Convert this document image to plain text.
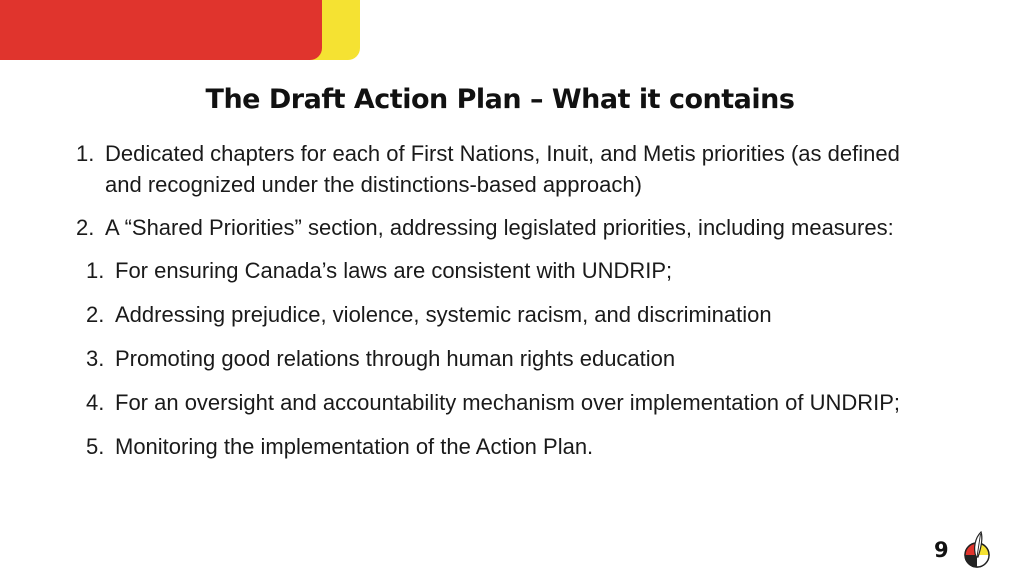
The Draft Action Plan – What it contains
1. Dedicated chapters for each of First Nations, Inuit, and Metis priorities (as defined and recognized under the distinctions-based approach)
2. A “Shared Priorities” section, addressing legislated priorities, including measures:
1. For ensuring Canada’s laws are consistent with UNDRIP;
2. Addressing prejudice, violence, systemic racism, and discrimination
3. Promoting good relations through human rights education
4. For an oversight and accountability mechanism over implementation of UNDRIP;
5. Monitoring the implementation of the Action Plan.
9
